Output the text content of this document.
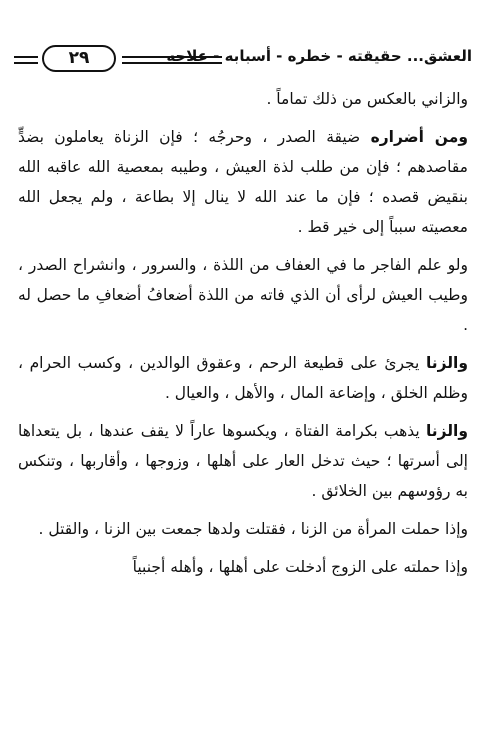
العشق... حقيقته - خطره - أسبابه - علاجه
٢٩

والزاني بالعكس من ذلك تماماً .

ومن أضراره ضيقة الصدر ، وحرجُه ؛ فإن الزناة يعاملون بضدٍّ مقاصدهم ؛ فإن من طلب لذة العيش ، وطيبه بمعصية الله عاقبه الله بنقيض قصده ؛ فإن ما عند الله لا ينال إلا بطاعة ، ولم يجعل الله معصيته سبباً إلى خير قط .

ولو علم الفاجر ما في العفاف من اللذة ، والسرور ، وانشراح الصدر ، وطيب العيش لرأى أن الذي فاته من اللذة أضعافُ أضعافِ ما حصل له .

والزنا يجرئ على قطيعة الرحم ، وعقوق الوالدين ، وكسب الحرام ، وظلم الخلق ، وإضاعة المال ، والأهل ، والعيال .

والزنا يذهب بكرامة الفتاة ، ويكسوها عاراً لا يقف عندها ، بل يتعداها إلى أسرتها ؛ حيث تدخل العار على أهلها ، وزوجها ، وأقاربها ، وتنكس به رؤوسهم بين الخلائق .

وإذا حملت المرأة من الزنا ، فقتلت ولدها جمعت بين الزنا ، والقتل .

وإذا حملته على الزوج أدخلت على أهلها ، وأهله أجنبياً
